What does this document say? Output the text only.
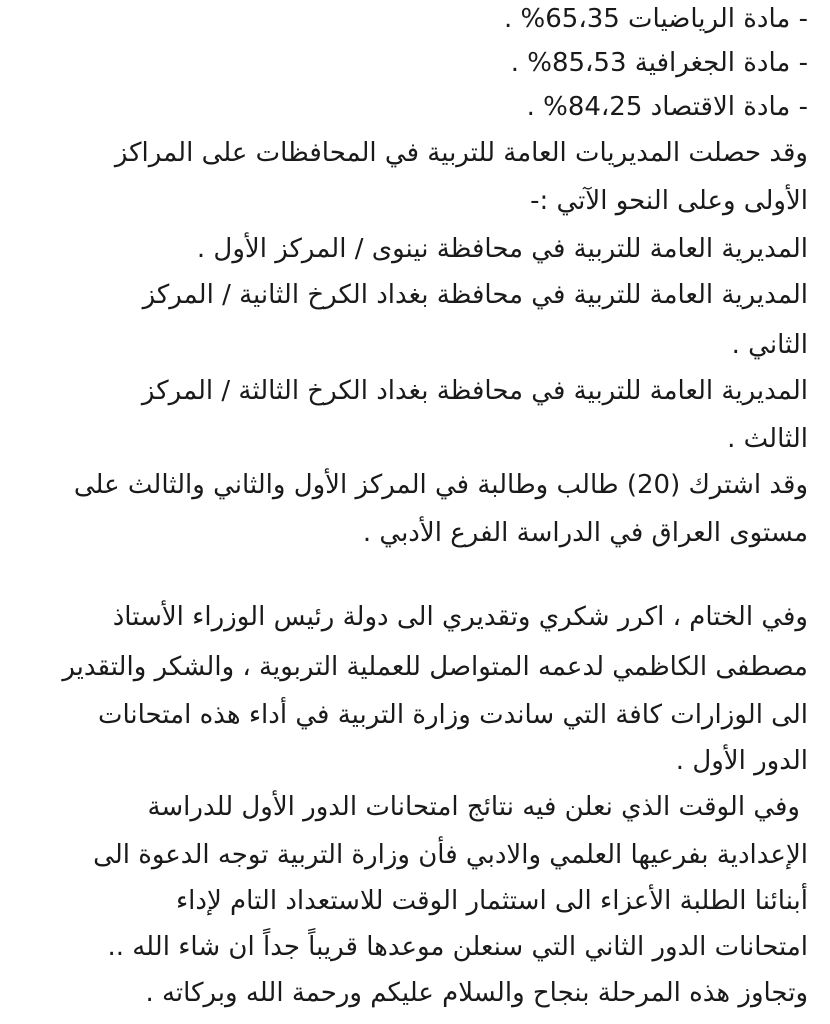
- مادة الرياضيات 65،35% .
- مادة الجغرافية 85،53% .
- مادة الاقتصاد 84،25% .
وقد حصلت المديريات العامة للتربية في المحافظات على المراكز
الأولى وعلى النحو الآتي :-
المديرية العامة للتربية في محافظة نينوى / المركز الأول .
المديرية العامة للتربية في محافظة بغداد الكرخ الثانية / المركز
الثاني .
المديرية العامة للتربية في محافظة بغداد الكرخ الثالثة / المركز
الثالث .
وقد اشترك (20) طالب وطالبة في المركز الأول والثاني والثالث على
مستوى العراق في الدراسة الفرع الأدبي .
وفي الختام ، اكرر شكري وتقديري الى دولة رئيس الوزراء الأستاذ
مصطفى الكاظمي لدعمه المتواصل للعملية التربوية ، والشكر والتقدير
الى الوزارات كافة التي ساندت وزارة التربية في أداء هذه امتحانات
الدور الأول .
وفي الوقت الذي نعلن فيه نتائج امتحانات الدور الأول للدراسة
الإعدادية بفرعيها العلمي والادبي فأن وزارة التربية توجه الدعوة الى
أبنائنا الطلبة الأعزاء الى استثمار الوقت للاستعداد التام لإداء
امتحانات الدور الثاني التي سنعلن موعدها قريباً جداً ان شاء الله ..
وتجاوز هذه المرحلة بنجاح والسلام عليكم ورحمة الله وبركاته .
